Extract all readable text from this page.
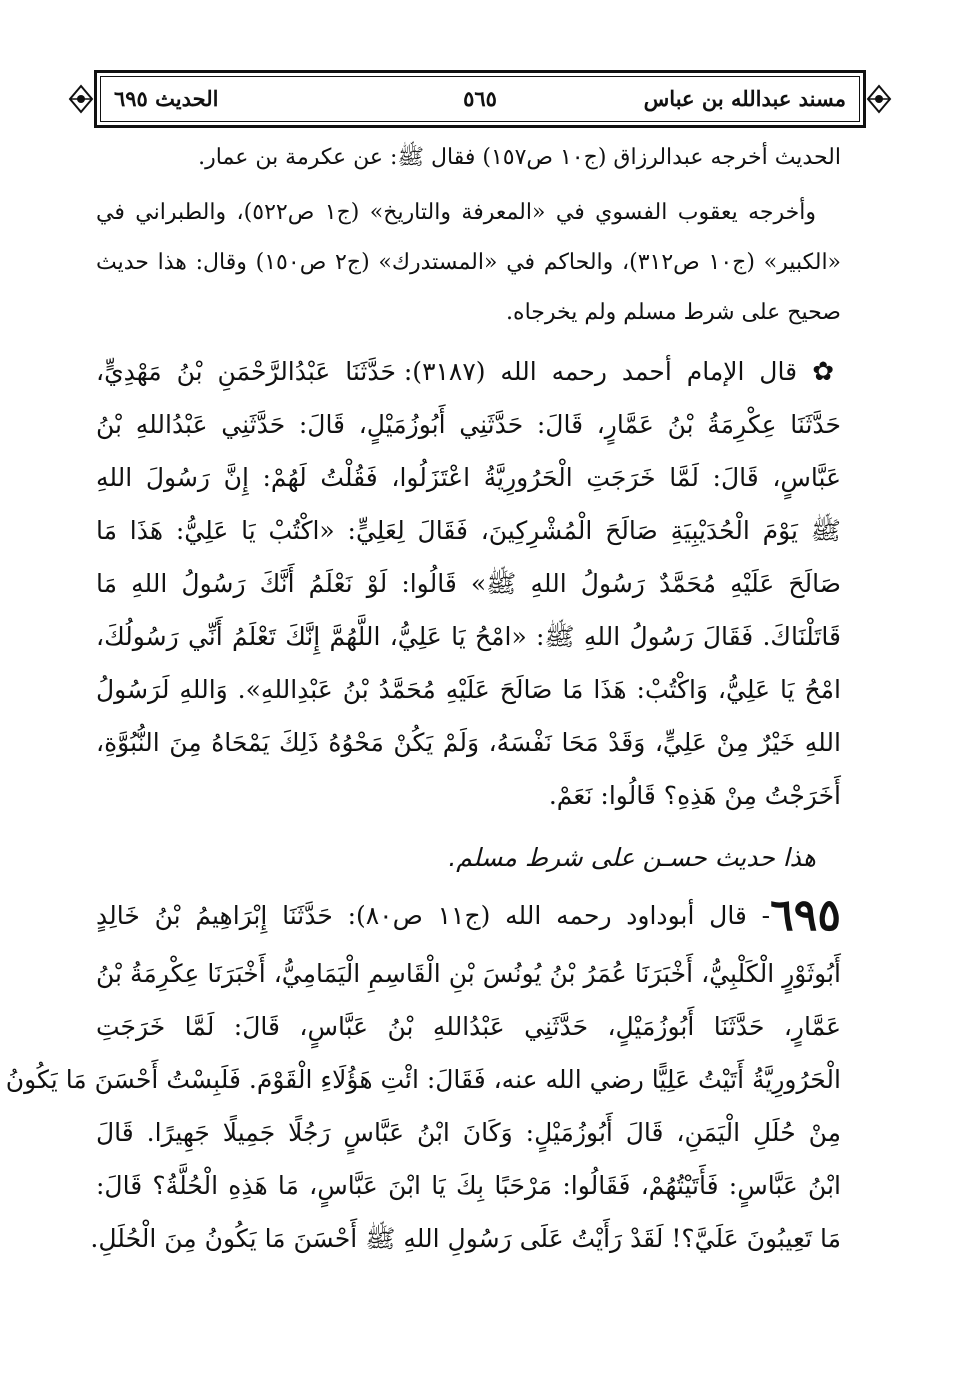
مسند عبدالله بن عباس
٥٦٥
الحديث ٦٩٥
الحديث أخرجه عبدالرزاق (ج١٠ ص١٥٧) فقال ﷺ: عن عكرمة بن عمار.
وأخرجه يعقوب الفسوي في «المعرفة والتاريخ» (ج١ ص٥٢٢)، والطبراني في
«الكبير» (ج١٠ ص٣١٢)، والحاكم في «المستدرك» (ج٢ ص١٥٠) وقال: هذا حديث
صحيح على شرط مسلم ولم يخرجاه.
✿ قال الإمام أحمد رحمه الله (٣١٨٧): حَدَّثَنَا عَبْدُالرَّحْمَنِ بْنُ مَهْدِيٍّ،
حَدَّثَنَا عِكْرِمَةُ بْنُ عَمَّارٍ، قَالَ: حَدَّثَنِي أَبُوزُمَيْلٍ، قَالَ: حَدَّثَنِي عَبْدُاللهِ بْنُ
عَبَّاسٍ، قَالَ: لَمَّا خَرَجَتِ الْحَرُورِيَّةُ اعْتَزَلُوا، فَقُلْتُ لَهُمْ: إِنَّ رَسُولَ اللهِ
ﷺ يَوْمَ الْحُدَيْبِيَةِ صَالَحَ الْمُشْرِكِينَ، فَقَالَ لِعَلِيٍّ: «اكْتُبْ يَا عَلِيُّ: هَذَا مَا
صَالَحَ عَلَيْهِ مُحَمَّدٌ رَسُولُ اللهِ ﷺ» قَالُوا: لَوْ نَعْلَمُ أَنَّكَ رَسُولُ اللهِ مَا
قَاتَلْنَاكَ. فَقَالَ رَسُولُ اللهِ ﷺ: «امْحُ يَا عَلِيُّ، اللَّهُمَّ إِنَّكَ تَعْلَمُ أَنِّي رَسُولُكَ،
امْحُ يَا عَلِيُّ، وَاكْتُبْ: هَذَا مَا صَالَحَ عَلَيْهِ مُحَمَّدُ بْنُ عَبْدِاللهِ». وَاللهِ لَرَسُولُ
اللهِ خَيْرٌ مِنْ عَلِيٍّ، وَقَدْ مَحَا نَفْسَهُ، وَلَمْ يَكُنْ مَحْوُهُ ذَلِكَ يَمْحَاهُ مِنَ النُّبُوَّةِ،
أَخَرَجْتُ مِنْ هَذِهِ؟ قَالُوا: نَعَمْ.
هذا حديث حسـن على شرط مسلم.
٦٩٥- قال أبوداود رحمه الله (ج١١ ص٨٠): حَدَّثَنَا إِبْرَاهِيمُ بْنُ خَالِدٍ
أَبُوثَوْرٍ الْكَلْبِيُّ، أَخْبَرَنَا عُمَرُ بْنُ يُونُسَ بْنِ الْقَاسِمِ الْيَمَامِيُّ، أَخْبَرَنَا عِكْرِمَةُ بْنُ
عَمَّارٍ، حَدَّثَنَا أَبُوزُمَيْلٍ، حَدَّثَنِي عَبْدُاللهِ بْنُ عَبَّاسٍ، قَالَ: لَمَّا خَرَجَتِ
الْحَرُورِيَّةُ أَتَيْتُ عَلِيًّا رضي الله عنه، فَقَالَ: ائْتِ هَؤُلَاءِ الْقَوْمَ. فَلَبِسْتُ أَحْسَنَ مَا يَكُونُ
مِنْ حُلَلِ الْيَمَنِ، قَالَ أَبُوزُمَيْلٍ: وَكَانَ ابْنُ عَبَّاسٍ رَجُلًا جَمِيلًا جَهِيرًا. قَالَ
ابْنُ عَبَّاسٍ: فَأَتَيْتُهُمْ، فَقَالُوا: مَرْحَبًا بِكَ يَا ابْنَ عَبَّاسٍ، مَا هَذِهِ الْحُلَّةُ؟ قَالَ:
مَا تَعِيبُونَ عَلَيَّ؟! لَقَدْ رَأَيْتُ عَلَى رَسُولِ اللهِ ﷺ أَحْسَنَ مَا يَكُونُ مِنَ الْحُلَلِ.
